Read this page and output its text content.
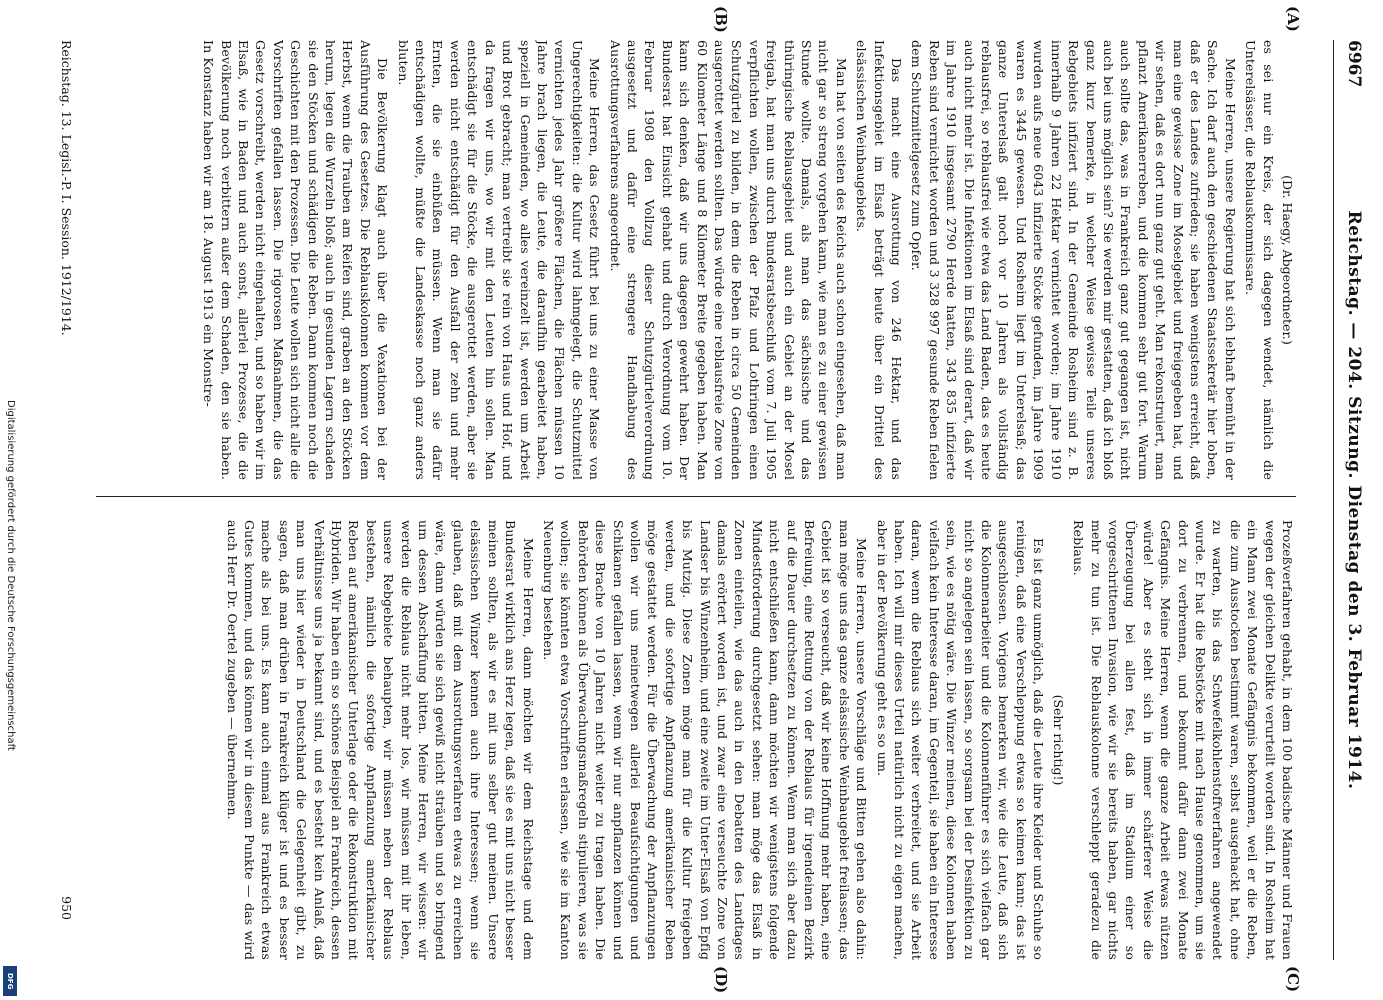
6967
Reichstag. — 204. Sitzung. Dienstag den 3. Februar 1914.
(A)
(B)
(C)
(D)
(Dr. Haegy, Abgeordneter.)

es sei nur ein Kreis, der sich dagegen wendet, nämlich die Unterelsässer, die Reblauskommissare.

Meine Herren, unsere Regierung hat sich lebhaft bemüht in der Sache. Ich darf auch den geschiedenen Staatssekretär hier loben, daß er des Landes zufrieden; sie haben wenigstens erreicht, daß man eine gewisse Zone im Moselgebiet und freigegeben hat, und wir sehen, daß es dort nun ganz gut geht. Man rekonstruiert, man pflanzt Amerikanerreben, und die kommen sehr gut fort. Warum auch sollte das, was in Frankreich ganz gut gegangen ist, nicht auch bei uns möglich sein? Sie werden mir gestatten, daß ich bloß ganz kurz bemerke, in welcher Weise gewisse Teile unseres Rebgebiets infiziert sind. In der Gemeinde Rosheim sind z. B. innerhalb 9 Jahren 22 Hektar vernichtet worden; im Jahre 1910 wurden aufs neue 6043 infizierte Stöcke gefunden, im Jahre 1909 waren es 3445 gewesen. Und Rosheim liegt im Unterelsaß; das ganze Unterelsaß galt noch vor 10 Jahren als vollständig reblausfrei, so reblausfrei wie etwa das Land Baden, das es heute auch nicht mehr ist. Die Infektionen im Elsaß sind derart, daß wir im Jahre 1910 insgesamt 2790 Herde hatten, 343 835 infizierte Reben sind vernichtet worden und 3 328 997 gesunde Reben fielen dem Schutzmittelgesetz zum Opfer.

Das macht eine Ausrottung von 246 Hektar, und das Infektionsgebiet im Elsaß beträgt heute über ein Drittel des elsässischen Weinbaugebiets.

Man hat von seiten des Reichs auch schon eingesehen, daß man nicht gar so streng vorgehen kann, wie man es zu einer gewissen Stunde wollte. Damals, als man das sächsische und das thüringische Reblausgebiet und auch ein Gebiet an der Mosel freigab, hat man uns durch Bundesratsbeschluß vom 7. Juli 1905 verpflichten wollen, zwischen der Pfalz und Lothringen einen Schutzgürtel zu bilden, in dem die Reben in circa 50 Gemeinden ausgerottet werden sollten. Das würde eine reblausfreie Zone von 60 Kilometer Länge und 8 Kilometer Breite gegeben haben. Man kann sich denken, daß wir uns dagegen gewehrt haben. Der Bundesrat hat Einsicht gehabt und durch Verordnung vom 10. Februar 1908 den Vollzug dieser Schutzgürtelverordnung ausgesetzt und dafür eine strengere Handhabung des Ausrottungsverfahrens angeordnet.

Meine Herren, das Gesetz führt bei uns zu einer Masse von Ungerechtigkeiten: die Kultur wird lahmgelegt, die Schutzmittel vernichten jedes Jahr größere Flächen, die Flächen müssen 10 Jahre brach liegen, die Leute, die daraufhin gearbeitet haben, speziell in Gemeinden, wo alles vereinzelt ist, werden um Arbeit und Brot gebracht; man vertreibt sie rein von Haus und Hof, und da fragen wir uns, wo wir mit den Leuten hin sollen. Man entschädigt sie für die Stöcke, die ausgerottet werden, aber sie werden nicht entschädigt für den Ausfall der zehn und mehr Ernten, die sie einbüßen müssen. Wenn man sie dafür entschädigen wollte, müßte die Landeskasse noch ganz anders bluten.

Die Bevölkerung klagt auch über die Vexationen bei der Ausführung des Gesetzes. Die Reblauskolonnen kommen vor dem Herbst, wenn die Trauben am Reifen sind, graben an den Stöcken herum, legen die Wurzeln bloß; auch in gesunden Lagern schaden sie den Stöcken und schädigen die Reben. Dann kommen noch die Geschichten mit den Prozessen. Die Leute wollen sich nicht alle die Vorschriften gefallen lassen. Die rigorosen Maßnahmen, die das Gesetz vorschreibt, werden nicht eingehalten, und so haben wir im Elsaß, wie in Baden und auch sonst, allerlei Prozesse, die die Bevölkerung noch verbittern außer dem Schaden, den sie haben. In Konstanz haben wir am 18. August 1913 ein Monstre-

Prozeßverfahren gehabt, in dem 100 badische Männer und Frauen wegen der gleichen Delikte verurteilt worden sind. In Rosheim hat ein Mann zwei Monate Gefängnis bekommen, weil er die Reben, die zum Ausstocken bestimmt waren, selbst ausgehackt hat, ohne zu warten, bis das Schwefelkohlenstoffverfahren angewendet wurde. Er hat die Rebstöcke mit nach Hause genommen, um sie dort zu verbrennen, und bekommt dafür dann zwei Monate Gefängnis. Meine Herren, wenn die ganze Arbeit etwas nützen würde! Aber es steht sich in immer schärferer Weise die Überzeugung bei allen fest, daß im Stadium einer so vorgeschrittenen Invasion, wie wir sie bereits haben, gar nichts mehr zu tun ist. Die Reblauskolonne verschleppt geradezu die Reblaus.

(Sehr richtig!)

Es ist ganz unmöglich, daß die Leute ihre Kleider und Schuhe so reinigen, daß eine Verschleppung etwas so keimen kann; das ist ausgeschlossen. Vorigens bemerken wir, wie die Leute, daß sich die Kolonnenarbeiter und die Kolonnenführer es sich vielfach gar nicht so angelegen sein lassen, so sorgsam bei der Desinfektion zu sein, wie es nötig wäre. Die Winzer meinen, diese Kolonnen haben vielfach kein Interesse daran, im Gegenteil, sie haben ein Interesse daran, wenn die Reblaus sich weiter verbreitet, und sie Arbeit haben. Ich will mir dieses Urteil natürlich nicht zu eigen machen, aber in der Bevölkerung geht es so um.

Meine Herren, unsere Vorschläge und Bitten gehen also dahin: man möge uns das ganze elsässische Weinbaugebiet freilassen; das Gebiet ist so verseucht, daß wir keine Hoffnung mehr haben, eine Befreiung, eine Rettung von der Reblaus für irgendeinen Bezirk auf die Dauer durchsetzen zu können. Wenn man sich aber dazu nicht entschließen kann, dann möchten wir wenigstens folgende Mindestforderung durchgesetzt sehen: man möge das Elsaß in Zonen einteilen, wie das auch in den Debatten des Landtages damals erörtert worden ist, und zwar eine verseuchte Zone von Landser bis Winzenheim, und eine zweite im Unter-Elsaß von Epfig bis Mutzig. Diese Zonen möge man für die Kultur freigeben werden, und die sofortige Anpflanzung amerikanischer Reben möge gestattet werden. Für die Überwachung der Anpflanzungen wollen wir uns meinetwegen allerlei Beaufsichtigungen und Schikanen gefallen lassen, wenn wir nur anpflanzen können und diese Brache von 10 Jahren nicht weiter zu tragen haben. Die Behörden können als Überwachungsmaßregeln stipulieren, was sie wollen; sie könnten etwa Vorschriften erlassen, wie sie im Kanton Neuenburg bestehen.

Meine Herren, dann möchten wir dem Reichstage und dem Bundesrat wirklich ans Herz legen, daß sie es mit uns nicht besser meinen sollten, als wir es mit uns selber gut meinen. Unsere elsässischen Winzer kennen auch ihre Interessen; wenn sie glauben, daß mit dem Ausrottungsverfahren etwas zu erreichen wäre, dann würden sie sich gewiß nicht sträuben und so bringend um dessen Abschaffung bitten. Meine Herren, wir wissen: wir werden die Reblaus nicht mehr los, wir müssen mit ihr leben, unsere Rebgebiete behaupten, wir müssen neben der Reblaus bestehen, nämlich die sofortige Anpflanzung amerikanischer Reben auf amerikanischer Unterlage oder die Rekonstruktion mit Hybriden. Wir haben ein so schönes Beispiel an Frankreich, dessen Verhältnisse uns ja bekannt sind, und es besteht kein Anlaß, daß man uns hier wieder in Deutschland die Gelegenheit gibt, zu sagen, daß man drüben in Frankreich klüger ist und es besser mache als bei uns. Es kann auch einmal aus Frankreich etwas Gutes kommen, und das können wir in diesem Punkte — das wird auch Herr Dr. Oertel zugeben — übernehmen.

Reichstag. 13. Legisl.-P. I. Session. 1912/1914.
950
Digitalisierung gefördert durch die Deutsche Forschungsgemeinschaft
DFG
